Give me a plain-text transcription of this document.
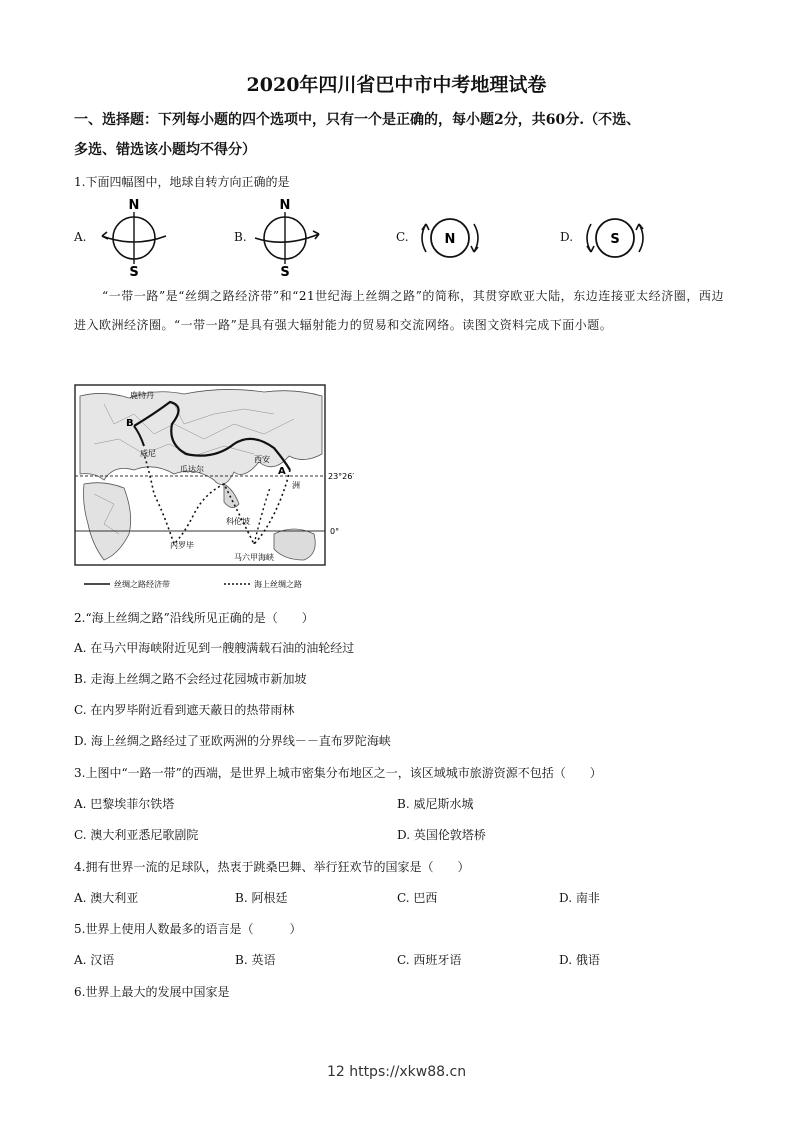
2020年四川省巴中市中考地理试卷
一、选择题：下列每小题的四个选项中，只有一个是正确的，每小题2分，共60分.（不选、
多选、错选该小题均不得分）
1.下面四幅图中，地球自转方向正确的是
A.
N
S
B.
N
S
C.	N	D.	S
“一带一路”是“丝绸之路经济带”和“21世纪海上丝绸之路”的简称，其贯穿欧亚大陆，东边连接亚太经济圈，西边进入欧洲经济圈。“一带一路”是具有强大辐射能力的贸易和交流网络。读图文资料完成下面小题。
鹿特丹
B
威尼
瓜达尔
西安
A
洲
23°26′
0°
科伦坡
内罗毕
马六甲海峡
丝绸之路经济带	海上丝绸之路
2.“海上丝绸之路”沿线所见正确的是（　　）
A. 在马六甲海峡附近见到一艘艘满载石油的油轮经过
B. 走海上丝绸之路不会经过花园城市新加坡
C. 在内罗毕附近看到遮天蔽日的热带雨林
D. 海上丝绸之路经过了亚欧两洲的分界线－－直布罗陀海峡
3.上图中“一路一带”的西端，是世界上城市密集分布地区之一，该区域城市旅游资源不包括（　　）
A. 巴黎埃菲尔铁塔	B. 威尼斯水城
C. 澳大利亚悉尼歌剧院	D. 英国伦敦塔桥
4.拥有世界一流的足球队，热衷于跳桑巴舞、举行狂欢节的国家是（　　）
A. 澳大利亚	B. 阿根廷	C. 巴西	D. 南非
5.世界上使用人数最多的语言是（　　　）
A. 汉语	B. 英语	C. 西班牙语	D. 俄语
6.世界上最大的发展中国家是
12 https://xkw88.cn
